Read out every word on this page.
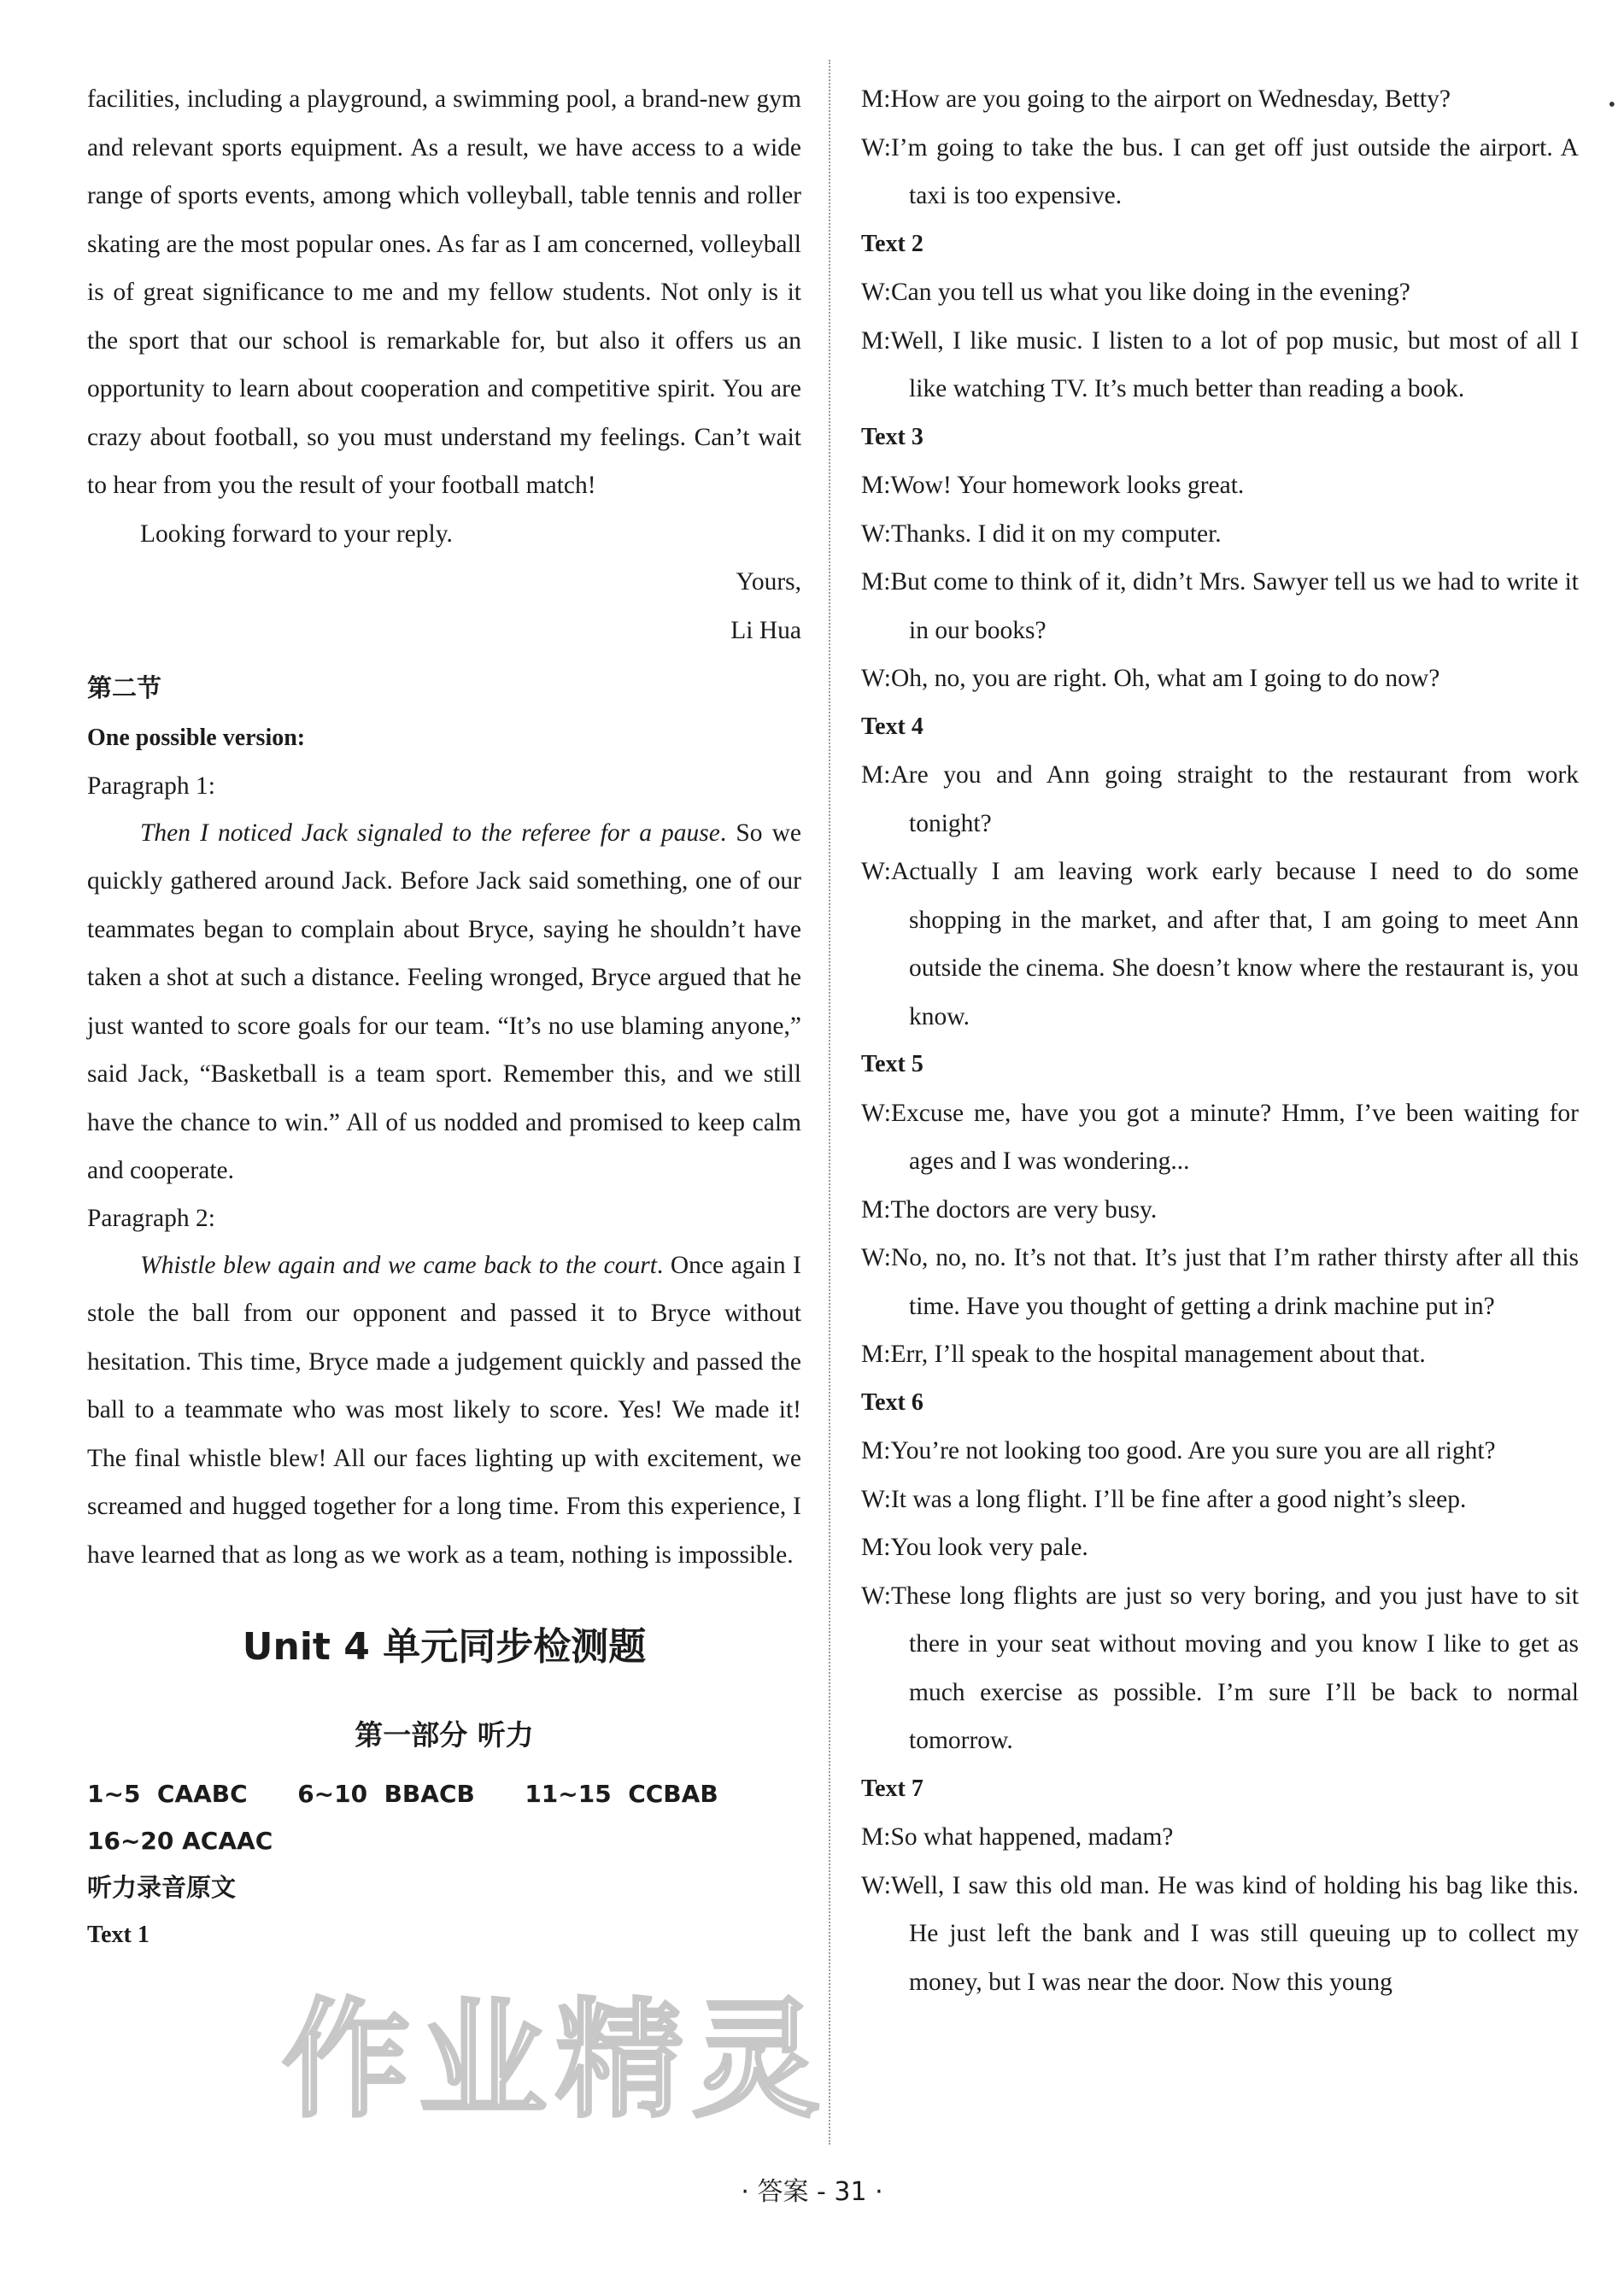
facilities, including a playground, a swimming pool, a brand-new gym and relevant sports equipment. As a result, we have access to a wide range of sports events, among which volleyball, table tennis and roller skating are the most popular ones. As far as I am concerned, volleyball is of great significance to me and my fellow students. Not only is it the sport that our school is remarkable for, but also it offers us an opportunity to learn about cooperation and competitive spirit. You are crazy about football, so you must understand my feelings. Can’t wait to hear from you the result of your football match!

Looking forward to your reply.

Yours,

Li Hua

第二节
One possible version:
Paragraph 1:

Then I noticed Jack signaled to the referee for a pause. So we quickly gathered around Jack. Before Jack said something, one of our teammates began to complain about Bryce, saying he shouldn’t have taken a shot at such a distance. Feeling wronged, Bryce argued that he just wanted to score goals for our team. “It’s no use blaming anyone,” said Jack, “Basketball is a team sport. Remember this, and we still have the chance to win.” All of us nodded and promised to keep calm and cooperate.

Paragraph 2:

Whistle blew again and we came back to the court. Once again I stole the ball from our opponent and passed it to Bryce without hesitation. This time, Bryce made a judgement quickly and passed the ball to a teammate who was most likely to score. Yes! We made it! The final whistle blew! All our faces lighting up with excitement, we screamed and hugged together for a long time. From this experience, I have learned that as long as we work as a team, nothing is impossible.

Unit 4 单元同步检测题
第一部分 听力
1~5  CAABC      6~10  BBACB      11~15  CCBAB
16~20 ACAAC
听力录音原文
Text 1

M:How are you going to the airport on Wednesday, Betty?

W:I’m going to take the bus. I can get off just outside the airport. A taxi is too expensive.

Text 2

W:Can you tell us what you like doing in the evening?

M:Well, I like music. I listen to a lot of pop music, but most of all I like watching TV. It’s much better than reading a book.

Text 3

M:Wow! Your homework looks great.

W:Thanks. I did it on my computer.

M:But come to think of it, didn’t Mrs. Sawyer tell us we had to write it in our books?

W:Oh, no, you are right. Oh, what am I going to do now?

Text 4

M:Are you and Ann going straight to the restaurant from work tonight?

W:Actually I am leaving work early because I need to do some shopping in the market, and after that, I am going to meet Ann outside the cinema. She doesn’t know where the restaurant is, you know.

Text 5

W:Excuse me, have you got a minute? Hmm, I’ve been waiting for ages and I was wondering...

M:The doctors are very busy.

W:No, no, no. It’s not that. It’s just that I’m rather thirsty after all this time. Have you thought of getting a drink machine put in?

M:Err, I’ll speak to the hospital management about that.

Text 6

M:You’re not looking too good. Are you sure you are all right?

W:It was a long flight. I’ll be fine after a good night’s sleep.

M:You look very pale.

W:These long flights are just so very boring, and you just have to sit there in your seat without moving and you know I like to get as much exercise as possible. I’m sure I’ll be back to normal tomorrow.

Text 7

M:So what happened, madam?

W:Well, I saw this old man. He was kind of holding his bag like this. He just left the bank and I was still queuing up to collect my money, but I was near the door. Now this young

作业精灵
•
· 答案 - 31 ·
